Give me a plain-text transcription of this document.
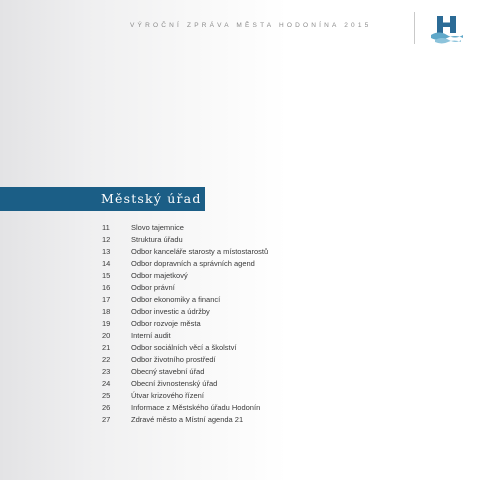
VÝROČNÍ ZPRÁVA MĚSTA HODONÍNA 2015
Městský úřad
11	Slovo tajemnice
12	Struktura úřadu
13	Odbor kanceláře starosty a místostarostů
14	Odbor dopravních a správních agend
15	Odbor majetkový
16	Odbor právní
17	Odbor ekonomiky a financí
18	Odbor investic a údržby
19	Odbor rozvoje města
20	Interní audit
21	Odbor sociálních věcí a školství
22	Odbor životního prostředí
23	Obecný stavební úřad
24	Obecní živnostenský úřad
25	Útvar krizového řízení
26	Informace z Městského úřadu Hodonín
27	Zdravé město a Místní agenda 21
